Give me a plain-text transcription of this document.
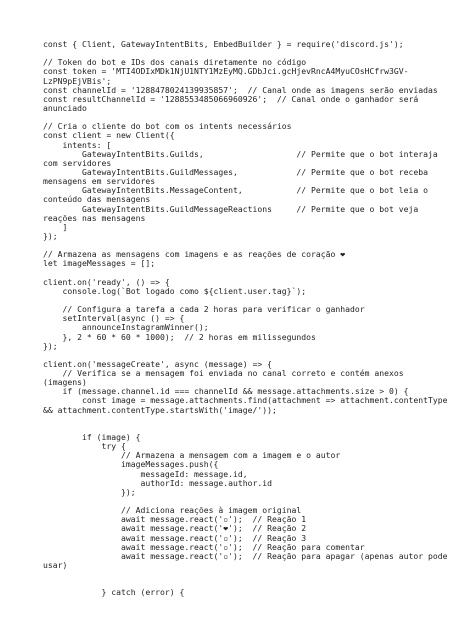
const { Client, GatewayIntentBits, EmbedBuilder } = require('discord.js');
// Token do bot e IDs dos canais diretamente no código
const token = 'MTI4ODIxMDk1NjU1NTY1MzEyMQ.GDbJci.gcHjevRncA4MyuCOsHCfrw3GV-
LzPN9pEjVBis';
const channelId = '1288478024139935857';  // Canal onde as imagens serão enviadas
const resultChannelId = '1288553485066960926';  // Canal onde o ganhador será
anunciado
// Cria o cliente do bot com os intents necessários
const client = new Client({
intents: [
GatewayIntentBits.Guilds,                   // Permite que o bot interaja
com servidores
GatewayIntentBits.GuildMessages,            // Permite que o bot receba
mensagens em servidores
GatewayIntentBits.MessageContent,           // Permite que o bot leia o
conteúdo das mensagens
GatewayIntentBits.GuildMessageReactions     // Permite que o bot veja
reações nas mensagens
]
});
// Armazena as mensagens com imagens e as reações de coração ❤
let imageMessages = [];
client.on('ready', () => {
console.log(`Bot logado como ${client.user.tag}`);
// Configura a tarefa a cada 2 horas para verificar o ganhador
setInterval(async () => {
announceInstagramWinner();
}, 2 * 60 * 60 * 1000);  // 2 horas em milissegundos
});
client.on('messageCreate', async (message) => {
// Verifica se a mensagem foi enviada no canal correto e contém anexos
(imagens)
if (message.channel.id === channelId && message.attachments.size > 0) {
const image = message.attachments.find(attachment => attachment.contentType
&& attachment.contentType.startsWith('image/'));
if (image) {
try {
// Armazena a mensagem com a imagem e o autor
imageMessages.push({
messageId: message.id,
authorId: message.author.id
});
// Adiciona reações à imagem original
await message.react('▫');  // Reação 1
await message.react('❤');  // Reação 2
await message.react('▫');  // Reação 3
await message.react('▫');  // Reação para comentar
await message.react('▫');  // Reação para apagar (apenas autor pode
usar)
} catch (error) {
